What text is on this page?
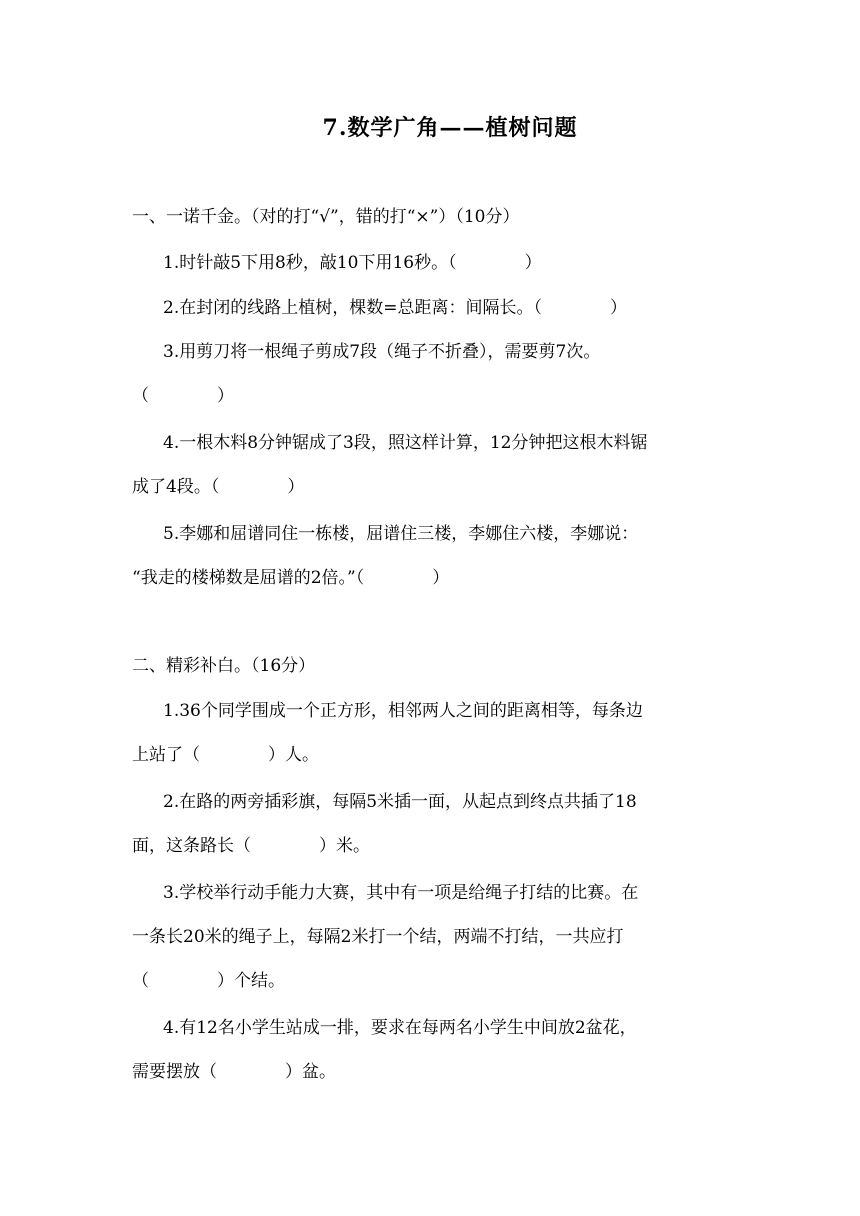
7.数学广角——植树问题
一、一诺千金。（对的打“√”，错的打“×”）（10分）
1.时针敲5下用8秒，敲10下用16秒。（　　　　）
2.在封闭的线路上植树，棵数=总距离：间隔长。（　　　　）
3.用剪刀将一根绳子剪成7段（绳子不折叠），需要剪7次。
（　　　　）
4.一根木料8分钟锯成了3段，照这样计算，12分钟把这根木料锯
成了4段。（　　　　）
5.李娜和屈谱同住一栋楼，屈谱住三楼，李娜住六楼，李娜说：
“我走的楼梯数是屈谱的2倍。”（　　　　）
二、精彩补白。（16分）
1.36个同学围成一个正方形，相邻两人之间的距离相等，每条边
上站了（　　　　）人。
2.在路的两旁插彩旗，每隔5米插一面，从起点到终点共插了18
面，这条路长（　　　　）米。
3.学校举行动手能力大赛，其中有一项是给绳子打结的比赛。在
一条长20米的绳子上，每隔2米打一个结，两端不打结，一共应打
（　　　　）个结。
4.有12名小学生站成一排，要求在每两名小学生中间放2盆花，
需要摆放（　　　　）盆。
